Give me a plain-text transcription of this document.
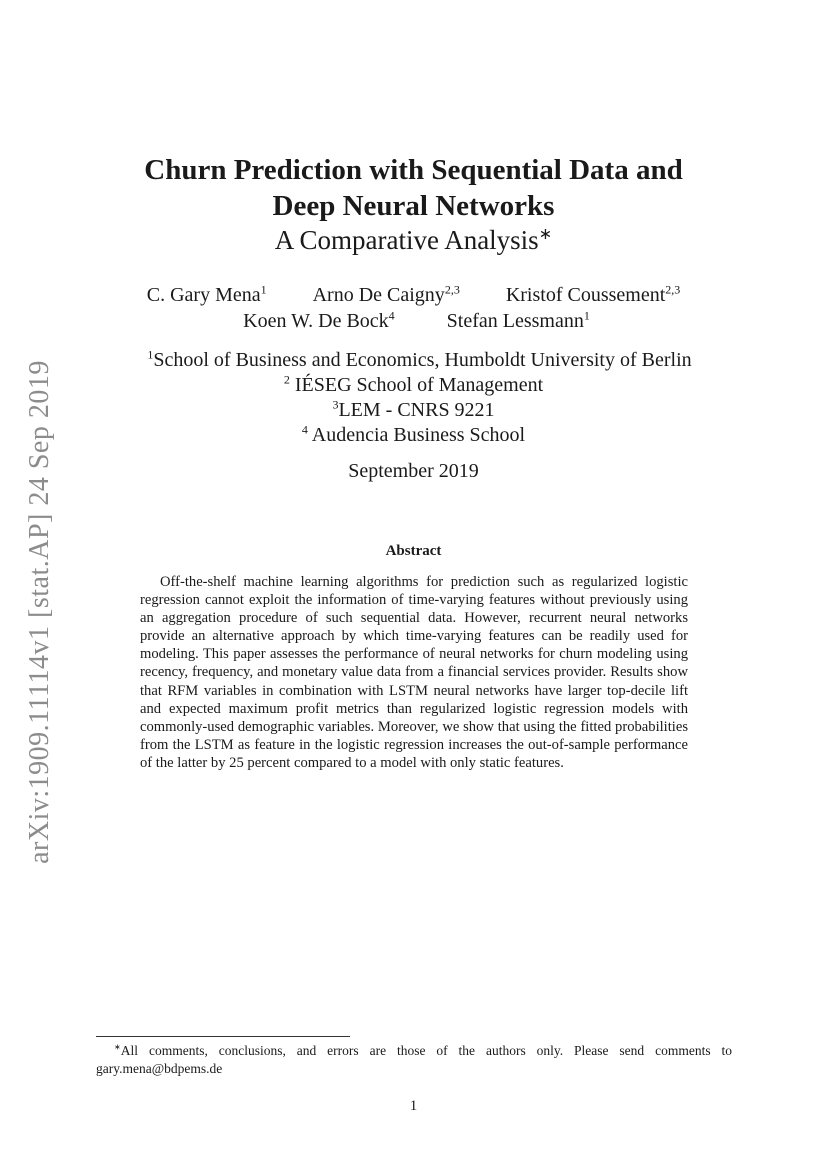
arXiv:1909.11114v1 [stat.AP] 24 Sep 2019
Churn Prediction with Sequential Data and
Deep Neural Networks
A Comparative Analysis∗
C. Gary Mena$^1$ Arno De Caigny$^{2,3}$ Kristof Coussement$^{2,3}$
Koen W. De Bock$^4$	Stefan Lessmann$^1$
$^1$School of Business and Economics, Humboldt University of Berlin
$^2$ IÉSEG School of Management
$^3$LEM - CNRS 9221
$^4$ Audencia Business School
September 2019
Abstract
Off-the-shelf machine learning algorithms for prediction such as regularized logistic regression cannot exploit the information of time-varying features without previously using an aggregation procedure of such sequential data. However, recurrent neural networks provide an alternative approach by which time-varying features can be readily used for modeling. This paper assesses the performance of neural networks for churn modeling using recency, frequency, and monetary value data from a financial services provider. Results show that RFM variables in combination with LSTM neural networks have larger top-decile lift and expected maximum profit metrics than regularized logistic regression models with commonly-used demographic variables. Moreover, we show that using the fitted probabilities from the LSTM as feature in the logistic regression increases the out-of-sample performance of the latter by 25 percent compared to a model with only static features.
∗All comments, conclusions, and errors are those of the authors only. Please send comments to gary.mena@bdpems.de
1
